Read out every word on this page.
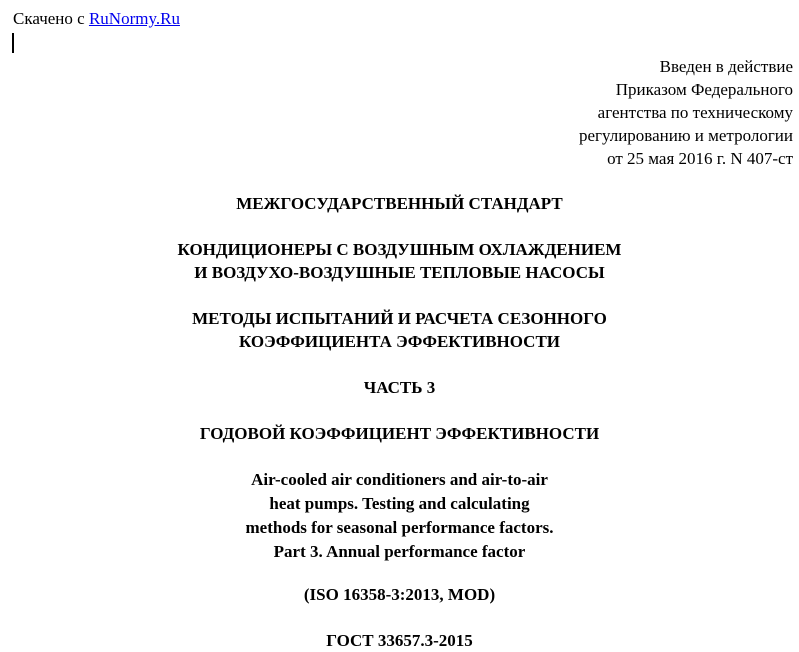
Скачено с RuNormy.Ru
Введен в действие
Приказом Федерального
агентства по техническому
регулированию и метрологии
от 25 мая 2016 г. N 407-ст
МЕЖГОСУДАРСТВЕННЫЙ СТАНДАРТ
КОНДИЦИОНЕРЫ С ВОЗДУШНЫМ ОХЛАЖДЕНИЕМ
И ВОЗДУХО-ВОЗДУШНЫЕ ТЕПЛОВЫЕ НАСОСЫ
МЕТОДЫ ИСПЫТАНИЙ И РАСЧЕТА СЕЗОННОГО
КОЭФФИЦИЕНТА ЭФФЕКТИВНОСТИ
ЧАСТЬ 3
ГОДОВОЙ КОЭФФИЦИЕНТ ЭФФЕКТИВНОСТИ
Air-cooled air conditioners and air-to-air
heat pumps. Testing and calculating
methods for seasonal performance factors.
Part 3. Annual performance factor
(ISO 16358-3:2013, MOD)
ГОСТ 33657.3-2015
